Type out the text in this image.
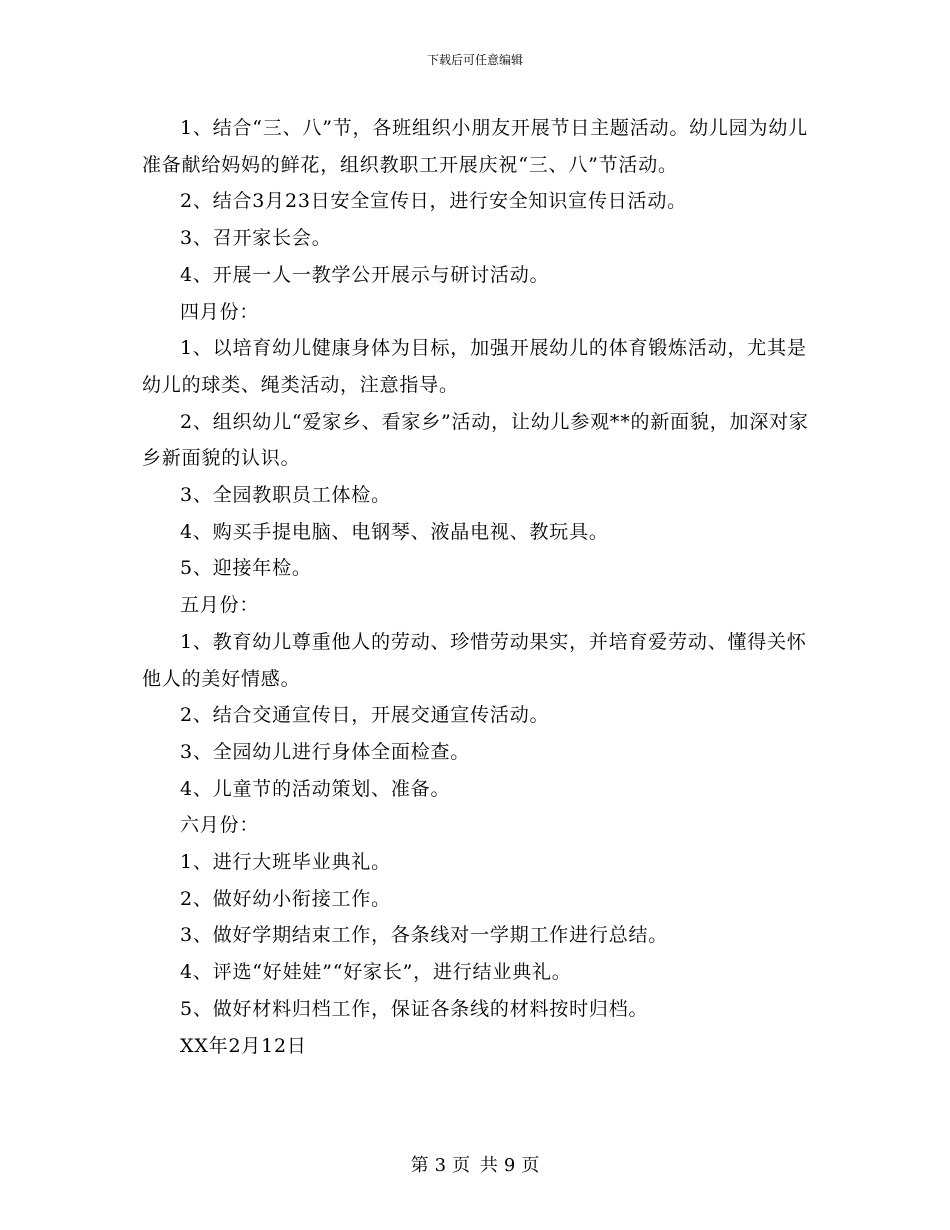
下载后可任意编辑

1、结合“三、八”节，各班组织小朋友开展节日主题活动。幼儿园为幼儿准备献给妈妈的鲜花，组织教职工开展庆祝“三、八”节活动。

2、结合3月23日安全宣传日，进行安全知识宣传日活动。

3、召开家长会。

4、开展一人一教学公开展示与研讨活动。

四月份：

1、以培育幼儿健康身体为目标，加强开展幼儿的体育锻炼活动，尤其是幼儿的球类、绳类活动，注意指导。

2、组织幼儿“爱家乡、看家乡”活动，让幼儿参观**的新面貌，加深对家乡新面貌的认识。

3、全园教职员工体检。

4、购买手提电脑、电钢琴、液晶电视、教玩具。

5、迎接年检。

五月份：

1、教育幼儿尊重他人的劳动、珍惜劳动果实，并培育爱劳动、懂得关怀他人的美好情感。

2、结合交通宣传日，开展交通宣传活动。

3、全园幼儿进行身体全面检查。

4、儿童节的活动策划、准备。

六月份：

1、进行大班毕业典礼。

2、做好幼小衔接工作。

3、做好学期结束工作，各条线对一学期工作进行总结。

4、评选“好娃娃”“好家长”，进行结业典礼。

5、做好材料归档工作，保证各条线的材料按时归档。

XX年2月12日

第 3 页 共 9 页
